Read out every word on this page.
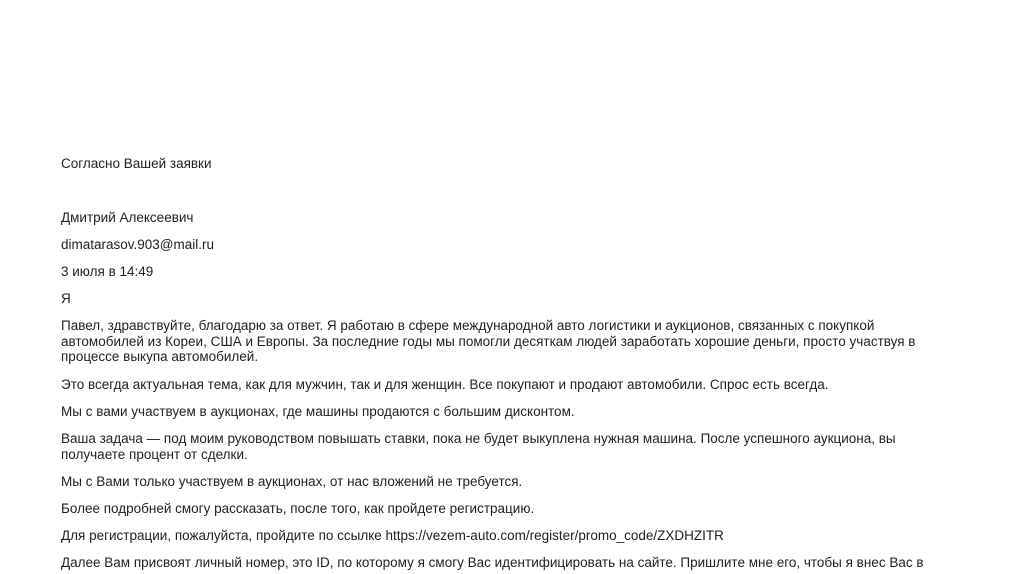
Согласно Вашей заявки

Дмитрий Алексеевич

dimatarasov.903@mail.ru

3 июля в 14:49

Я

Павел, здравствуйте, благодарю за ответ. Я работаю в сфере международной авто логистики и аукционов, связанных с покупкой автомобилей из Кореи, США и Европы. За последние годы мы помогли десяткам людей заработать хорошие деньги, просто участвуя в процессе выкупа автомобилей.

Это всегда актуальная тема, как для мужчин, так и для женщин. Все покупают и продают автомобили. Спрос есть всегда.

Мы с вами участвуем в аукционах, где машины продаются с большим дисконтом.

Ваша задача — под моим руководством повышать ставки, пока не будет выкуплена нужная машина. После успешного аукциона, вы получаете процент от сделки.

Мы с Вами только участвуем в аукционах, от нас вложений не требуется.

Более подробней смогу рассказать, после того, как пройдете регистрацию.

Для регистрации, пожалуйста, пройдите по ссылке https://vezem-auto.com/register/promo_code/ZXDHZITR

Далее Вам присвоят личный номер, это ID, по которому я смогу Вас идентифицировать на сайте. Пришлите мне его, чтобы я внес Вас в
